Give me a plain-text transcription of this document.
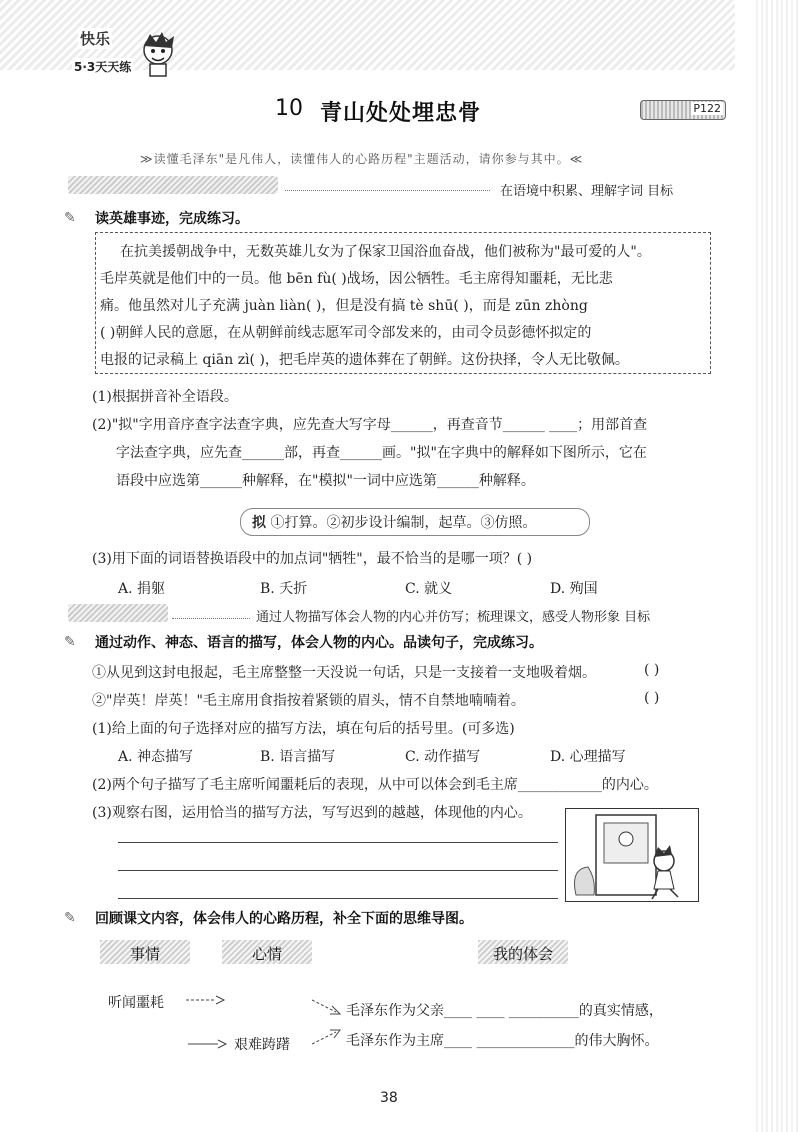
快乐
5·3天天练
10 青山处处埋忠骨	P122
≫读懂毛泽东"是凡伟人，读懂伟人的心路历程"主题活动，请你参与其中。≪
在语境中积累、理解字词 目标
✎ 读英雄事迹，完成练习。
在抗美援朝战争中，无数英雄儿女为了保家卫国浴血奋战，他们被称为"最可爱的人"。
毛岸英就是他们中的一员。他 bēn fù( )战场，因公牺牲。毛主席得知噩耗，无比悲
痛。他虽然对儿子充满 juàn liàn( )，但是没有搞 tè shū( )，而是 zūn zhòng
( )朝鲜人民的意愿，在从朝鲜前线志愿军司令部发来的，由司令员彭德怀拟定的
电报的记录稿上 qiān zì( )，把毛岸英的遗体葬在了朝鲜。这份抉择，令人无比敬佩。
(1)根据拼音补全语段。
(2)"拟"字用音序查字法查字典，应先查大写字母______，再查音节______ ____；用部首查
字法查字典，应先查______部，再查______画。"拟"在字典中的解释如下图所示，它在
语段中应选第______种解释，在"模拟"一词中应选第______种解释。
拟 ①打算。②初步设计编制，起草。③仿照。
(3)用下面的词语替换语段中的加点词"牺牲"，最不恰当的是哪一项？( )
A. 捐躯	B. 夭折	C. 就义	D. 殉国
通过人物描写体会人物的内心并仿写；梳理课文，感受人物形象 目标
✎ 通过动作、神态、语言的描写，体会人物的内心。品读句子，完成练习。
①从见到这封电报起，毛主席整整一天没说一句话，只是一支接着一支地吸着烟。	( )
②"岸英！岸英！"毛主席用食指按着紧锁的眉头，情不自禁地喃喃着。	( )
(1)给上面的句子选择对应的描写方法，填在句后的括号里。(可多选)
A. 神态描写	B. 语言描写	C. 动作描写	D. 心理描写
(2)两个句子描写了毛主席听闻噩耗后的表现，从中可以体会到毛主席____________的内心。
(3)观察右图，运用恰当的描写方法，写写迟到的越越，体现他的内心。
✎ 回顾课文内容，体会伟人的心路历程，补全下面的思维导图。
事情	心情	我的体会
听闻噩耗
艰难踌躇
毛泽东作为父亲____ ____ __________的真实情感，
毛泽东作为主席____ ______________的伟大胸怀。
38
